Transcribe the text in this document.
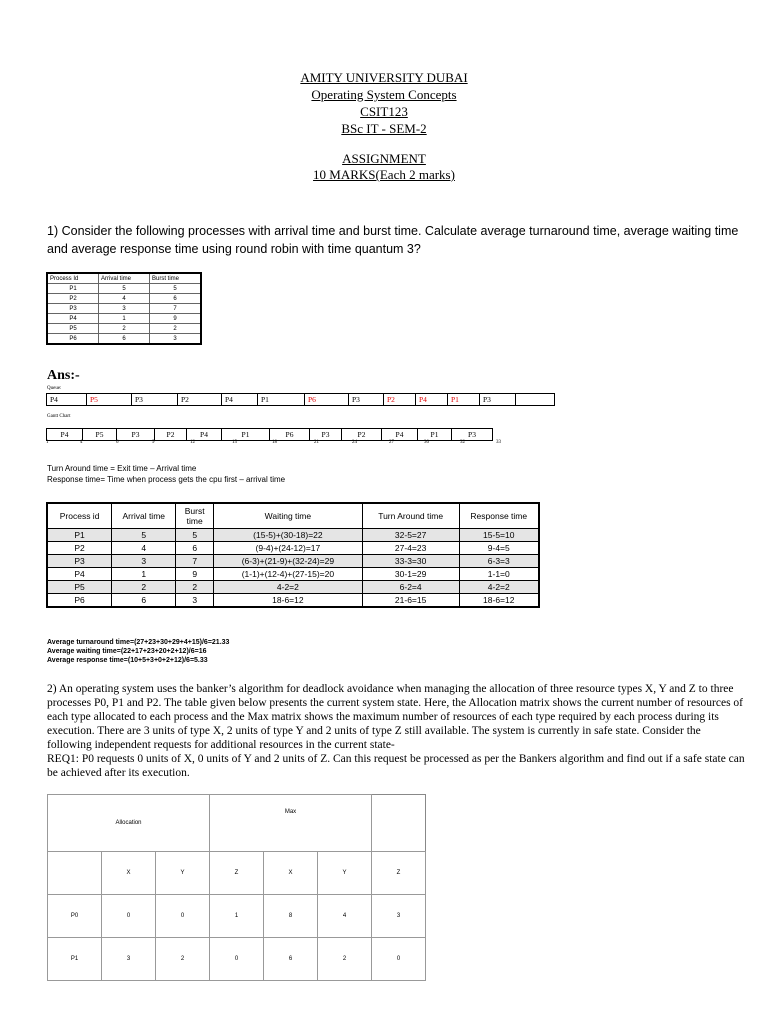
AMITY UNIVERSITY DUBAI
Operating System Concepts
CSIT123
BSc IT - SEM-2
ASSIGNMENT
10 MARKS(Each 2 marks)
1) Consider the following processes with arrival time and burst time. Calculate average turnaround time, average waiting time and average response time using round robin with time quantum 3?
Process Id	Arrival time	Burst time
P1	5	5
P2	4	6
P3	3	7
P4	1	9
P5	2	2
P6	6	3
Ans:-
Queue:
P4	P5	P3	P2	P4	P1	P6	P3	P2	P4	P1	P3
Gantt Chart
P4	P5	P3	P2	P4	P1	P6	P3	P2	P4	P1	P3
1	4	6	9	12	15	18	21	24	27	30	32	33
Turn Around time = Exit time – Arrival time
Response time= Time when process gets the cpu first – arrival time
Process id	Arrival time	Burst time	Waiting time	Turn Around time	Response time
P1	5	5	(15-5)+(30-18)=22	32-5=27	15-5=10
P2	4	6	(9-4)+(24-12)=17	27-4=23	9-4=5
P3	3	7	(6-3)+(21-9)+(32-24)=29	33-3=30	6-3=3
P4	1	9	(1-1)+(12-4)+(27-15)=20	30-1=29	1-1=0
P5	2	2	4-2=2	6-2=4	4-2=2
P6	6	3	18-6=12	21-6=15	18-6=12
Average turnaround time=(27+23+30+29+4+15)/6=21.33
Average waiting time=(22+17+23+20+2+12)/6=16
Average response time=(10+5+3+0+2+12)/6=5.33
2) An operating system uses the banker’s algorithm for deadlock avoidance when managing the allocation of three resource types X, Y and Z to three processes P0, P1 and P2. The table given below presents the current system state. Here, the Allocation matrix shows the current number of resources of each type allocated to each process and the Max matrix shows the maximum number of resources of each type required by each process during its execution. There are 3 units of type X, 2 units of type Y and 2 units of type Z still available. The system is currently in safe state. Consider the following independent requests for additional resources in the current state-
REQ1: P0 requests 0 units of X, 0 units of Y and 2 units of Z. Can this request be processed as per the Bankers algorithm and find out if a safe state can be achieved after its execution.
Allocation			Max			
	X	Y	Z	X	Y	Z
P0	0	0	1	8	4	3
P1	3	2	0	6	2	0
